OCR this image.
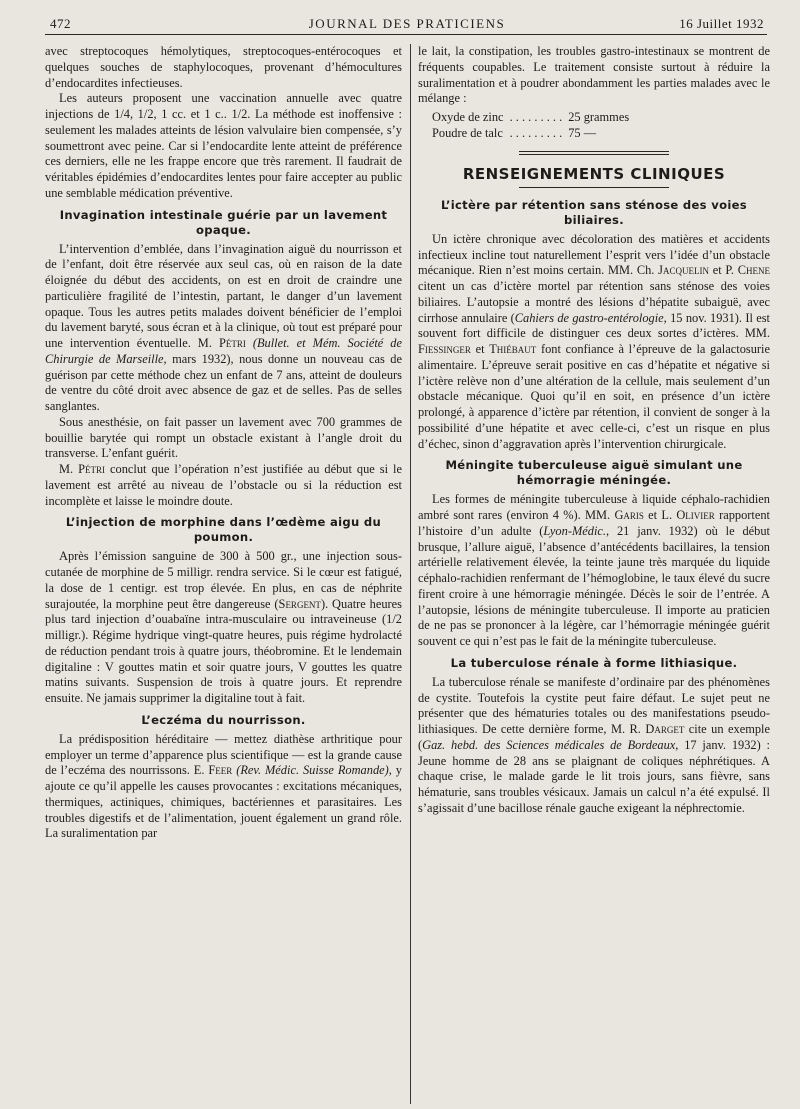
472	JOURNAL DES PRATICIENS	16 Juillet 1932

avec streptocoques hémolytiques, streptocoques-entérocoques et quelques souches de staphylocoques, provenant d’hémocultures d’endocardites infectieuses.

Les auteurs proposent une vaccination annuelle avec quatre injections de 1/4, 1/2, 1 cc. et 1 c.. 1/2. La méthode est inoffensive : seulement les malades atteints de lésion valvulaire bien compensée, s’y soumettront avec peine. Car si l’endocardite lente atteint de préférence ces derniers, elle ne les frappe encore que très rarement. Il faudrait de véritables épidémies d’endocardites lentes pour faire accepter au public une semblable médication préventive.

Invagination intestinale guérie par un lavement opaque.

L’intervention d’emblée, dans l’invagination aiguë du nourrisson et de l’enfant, doit être réservée aux seul cas, où en raison de la date éloignée du début des accidents, on est en droit de craindre une particulière fragilité de l’intestin, partant, le danger d’un lavement opaque. Tous les autres petits malades doivent bénéficier de l’emploi du lavement baryté, sous écran et à la clinique, où tout est préparé pour une intervention éventuelle. M. Pétri (Bullet. et Mém. Société de Chirurgie de Marseille, mars 1932), nous donne un nouveau cas de guérison par cette méthode chez un enfant de 7 ans, atteint de douleurs de ventre du côté droit avec absence de gaz et de selles. Pas de selles sanglantes.

Sous anesthésie, on fait passer un lavement avec 700 grammes de bouillie barytée qui rompt un obstacle existant à l’angle droit du transverse. L’enfant guérit.

M. Pétri conclut que l’opération n’est justifiée au début que si le lavement est arrêté au niveau de l’obstacle ou si la réduction est incomplète et laisse le moindre doute.

L’injection de morphine dans l’œdème aigu du poumon.

Après l’émission sanguine de 300 à 500 gr., une injection sous-cutanée de morphine de 5 milligr. rendra service. Si le cœur est fatigué, la dose de 1 centigr. est trop élevée. En plus, en cas de néphrite surajoutée, la morphine peut être dangereuse (Sergent). Quatre heures plus tard injection d’ouabaïne intra-musculaire ou intraveineuse (1/2 milligr.). Régime hydrique vingt-quatre heures, puis régime hydrolacté de réduction pendant trois à quatre jours, théobromine. Et le lendemain digitaline : V gouttes matin et soir quatre jours, V gouttes les quatre matins suivants. Suspension de trois à quatre jours. Et reprendre ensuite. Ne jamais supprimer la digitaline tout à fait.

L’eczéma du nourrisson.

La prédisposition héréditaire — mettez diathèse arthritique pour employer un terme d’apparence plus scientifique — est la grande cause de l’eczéma des nourrissons. E. Feer (Rev. Médic. Suisse Romande), y ajoute ce qu’il appelle les causes provocantes : excitations mécaniques, thermiques, actiniques, chimiques, bactériennes et parasitaires. Les troubles digestifs et de l’alimentation, jouent également un grand rôle. La suralimentation par

le lait, la constipation, les troubles gastro-intestinaux se montrent de fréquents coupables. Le traitement consiste surtout à réduire la suralimentation et à poudrer abondamment les parties malades avec le mélange :

Oxyde de zinc	. . . . . . . . .	25 grammes
Poudre de talc	. . . . . . . . .	75 —
RENSEIGNEMENTS CLINIQUES
L’ictère par rétention sans sténose des voies biliaires.

Un ictère chronique avec décoloration des matières et accidents infectieux incline tout naturellement l’esprit vers l’idée d’un obstacle mécanique. Rien n’est moins certain. MM. Ch. Jacquelin et P. Chene citent un cas d’ictère mortel par rétention sans sténose des voies biliaires. L’autopsie a montré des lésions d’hépatite subaiguë, avec cirrhose annulaire (Cahiers de gastro-entérologie, 15 nov. 1931). Il est souvent fort difficile de distinguer ces deux sortes d’ictères. MM. Fiessinger et Thiébaut font confiance à l’épreuve de la galactosurie alimentaire. L’épreuve serait positive en cas d’hépatite et négative si l’ictère relève non d’une altération de la cellule, mais seulement d’un obstacle mécanique. Quoi qu’il en soit, en présence d’un ictère prolongé, à apparence d’ictère par rétention, il convient de songer à la possibilité d’une hépatite et avec celle-ci, c’est un risque en plus d’échec, sinon d’aggravation après l’intervention chirurgicale.

Méningite tuberculeuse aiguë simulant une hémorragie méningée.

Les formes de méningite tuberculeuse à liquide céphalo-rachidien ambré sont rares (environ 4 %). MM. Garis et L. Olivier rapportent l’histoire d’un adulte (Lyon-Médic., 21 janv. 1932) où le début brusque, l’allure aiguë, l’absence d’antécédents bacillaires, la tension artérielle relativement élevée, la teinte jaune très marquée du liquide céphalo-rachidien renfermant de l’hémoglobine, le taux élevé du sucre firent croire à une hémorragie méningée. Décès le soir de l’entrée. A l’autopsie, lésions de méningite tuberculeuse. Il importe au praticien de ne pas se prononcer à la légère, car l’hémorragie méningée guérit souvent ce qui n’est pas le fait de la méningite tuberculeuse.

La tuberculose rénale à forme lithiasique.

La tuberculose rénale se manifeste d’ordinaire par des phénomènes de cystite. Toutefois la cystite peut faire défaut. Le sujet peut ne présenter que des hématuries totales ou des manifestations pseudo-lithiasiques. De cette dernière forme, M. R. Darget cite un exemple (Gaz. hebd. des Sciences médicales de Bordeaux, 17 janv. 1932) : Jeune homme de 28 ans se plaignant de coliques néphrétiques. A chaque crise, le malade garde le lit trois jours, sans fièvre, sans hématurie, sans troubles vésicaux. Jamais un calcul n’a été expulsé. Il s’agissait d’une bacillose rénale gauche exigeant la néphrectomie.
